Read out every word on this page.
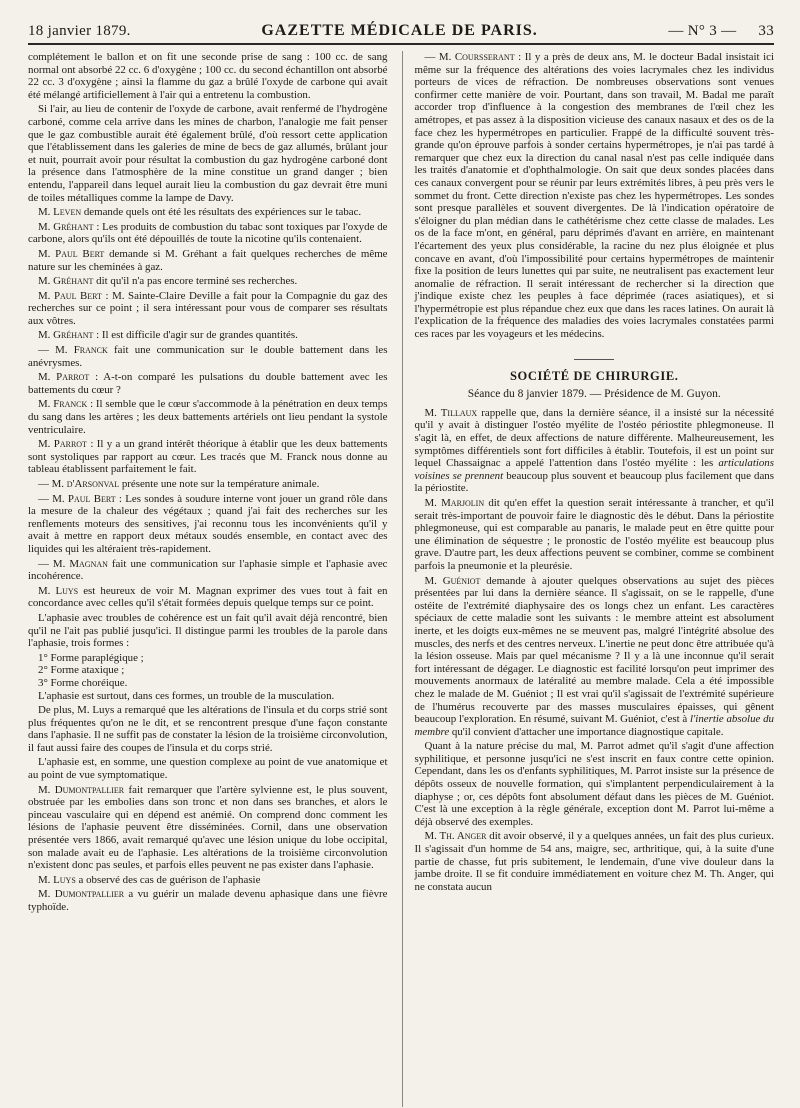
18 janvier 1879.	GAZETTE MÉDICALE DE PARIS.	— N° 3 — 33

complétement le ballon et on fit une seconde prise de sang : 100 cc. de sang normal ont absorbé 22 cc. 6 d'oxygène ; 100 cc. du second échantillon ont absorbé 22 cc. 3 d'oxygène ; ainsi la flamme du gaz a brûlé l'oxyde de carbone qui avait été mélangé artificiellement à l'air qui a entretenu la combustion.

Si l'air, au lieu de contenir de l'oxyde de carbone, avait renfermé de l'hydrogène carboné, comme cela arrive dans les mines de charbon, l'analogie me fait penser que le gaz combustible aurait été également brûlé, d'où ressort cette application que l'établissement dans les galeries de mine de becs de gaz allumés, brûlant jour et nuit, pourrait avoir pour résultat la combustion du gaz hydrogène carboné dont la présence dans l'atmosphère de la mine constitue un grand danger ; bien entendu, l'appareil dans lequel aurait lieu la combustion du gaz devrait être muni de toiles métalliques comme la lampe de Davy.

M. Leven demande quels ont été les résultats des expériences sur le tabac.

M. Gréhant : Les produits de combustion du tabac sont toxiques par l'oxyde de carbone, alors qu'ils ont été dépouillés de toute la nicotine qu'ils contenaient.

M. Paul Bert demande si M. Gréhant a fait quelques recherches de même nature sur les cheminées à gaz.

M. Gréhant dit qu'il n'a pas encore terminé ses recherches.

M. Paul Bert : M. Sainte-Claire Deville a fait pour la Compagnie du gaz des recherches sur ce point ; il sera intéressant pour vous de comparer ses résultats aux vôtres.

M. Gréhant : Il est difficile d'agir sur de grandes quantités.

— M. Franck fait une communication sur le double battement dans les anévrysmes.

M. Parrot : A-t-on comparé les pulsations du double battement avec les battements du cœur ?

M. Franck : Il semble que le cœur s'accommode à la pénétration en deux temps du sang dans les artères ; les deux battements artériels ont lieu pendant la systole ventriculaire.

M. Parrot : Il y a un grand intérêt théorique à établir que les deux battements sont systoliques par rapport au cœur. Les tracés que M. Franck nous donne au tableau établissent parfaitement le fait.

— M. d'Arsonval présente une note sur la température animale.

— M. Paul Bert : Les sondes à soudure interne vont jouer un grand rôle dans la mesure de la chaleur des végétaux ; quand j'ai fait des recherches sur les renflements moteurs des sensitives, j'ai reconnu tous les inconvénients qu'il y avait à mettre en rapport deux métaux soudés ensemble, en contact avec des liquides qui les altéraient très-rapidement.

— M. Magnan fait une communication sur l'aphasie simple et l'aphasie avec incohérence.

M. Luys est heureux de voir M. Magnan exprimer des vues tout à fait en concordance avec celles qu'il s'était formées depuis quelque temps sur ce point.

L'aphasie avec troubles de cohérence est un fait qu'il avait déjà rencontré, bien qu'il ne l'ait pas publié jusqu'ici. Il distingue parmi les troubles de la parole dans l'aphasie, trois formes :

1° Forme paraplégique ;

2° Forme ataxique ;

3° Forme choréique.

L'aphasie est surtout, dans ces formes, un trouble de la musculation.

De plus, M. Luys a remarqué que les altérations de l'insula et du corps strié sont plus fréquentes qu'on ne le dit, et se rencontrent presque d'une façon constante dans l'aphasie. Il ne suffit pas de constater la lésion de la troisième circonvolution, il faut aussi faire des coupes de l'insula et du corps strié.

L'aphasie est, en somme, une question complexe au point de vue anatomique et au point de vue symptomatique.

M. Dumontpallier fait remarquer que l'artère sylvienne est, le plus souvent, obstruée par les embolies dans son tronc et non dans ses branches, et alors le pinceau vasculaire qui en dépend est anémié. On comprend donc comment les lésions de l'aphasie peuvent être disséminées. Cornil, dans une observation présentée vers 1866, avait remarqué qu'avec une lésion unique du lobe occipital, son malade avait eu de l'aphasie. Les altérations de la troisième circonvolution n'existent donc pas seules, et parfois elles peuvent ne pas exister dans l'aphasie.

M. Luys a observé des cas de guérison de l'aphasie

M. Dumontpallier a vu guérir un malade devenu aphasique dans une fièvre typhoïde.

— M. Coursserant : Il y a près de deux ans, M. le docteur Badal insistait ici même sur la fréquence des altérations des voies lacrymales chez les individus porteurs de vices de réfraction. De nombreuses observations sont venues confirmer cette manière de voir. Pourtant, dans son travail, M. Badal me paraît accorder trop d'influence à la congestion des membranes de l'œil chez les amétropes, et pas assez à la disposition vicieuse des canaux nasaux et des os de la face chez les hypermétropes en particulier. Frappé de la difficulté souvent très-grande qu'on éprouve parfois à sonder certains hypermétropes, je n'ai pas tardé à remarquer que chez eux la direction du canal nasal n'est pas celle indiquée dans les traités d'anatomie et d'ophthalmologie. On sait que deux sondes placées dans ces canaux convergent pour se réunir par leurs extrémités libres, à peu près vers le sommet du front. Cette direction n'existe pas chez les hypermétropes. Les sondes sont presque parallèles et souvent divergentes. De là l'indication opératoire de s'éloigner du plan médian dans le cathétérisme chez cette classe de malades. Les os de la face m'ont, en général, paru déprimés d'avant en arrière, en maintenant l'écartement des yeux plus considérable, la racine du nez plus éloignée et plus concave en avant, d'où l'impossibilité pour certains hypermétropes de maintenir fixe la position de leurs lunettes qui par suite, ne neutralisent pas exactement leur anomalie de réfraction. Il serait intéressant de rechercher si la direction que j'indique existe chez les peuples à face déprimée (races asiatiques), et si l'hypermétropie est plus répandue chez eux que dans les races latines. On aurait là l'explication de la fréquence des maladies des voies lacrymales constatées parmi ces races par les voyageurs et les médecins.

SOCIÉTÉ DE CHIRURGIE.
Séance du 8 janvier 1879. — Présidence de M. Guyon.

M. Tillaux rappelle que, dans la dernière séance, il a insisté sur la nécessité qu'il y avait à distinguer l'ostéo myélite de l'ostéo périostite phlegmoneuse. Il s'agit là, en effet, de deux affections de nature différente. Malheureusement, les symptômes différentiels sont fort difficiles à établir. Toutefois, il est un point sur lequel Chassaignac a appelé l'attention dans l'ostéo myélite : les articulations voisines se prennent beaucoup plus souvent et beaucoup plus facilement que dans la périostite.

M. Marjolin dit qu'en effet la question serait intéressante à trancher, et qu'il serait très-important de pouvoir faire le diagnostic dès le début. Dans la périostite phlegmoneuse, qui est comparable au panaris, le malade peut en être quitte pour une élimination de séquestre ; le pronostic de l'ostéo myélite est beaucoup plus grave. D'autre part, les deux affections peuvent se combiner, comme se combinent parfois la pneumonie et la pleurésie.

M. Guéniot demande à ajouter quelques observations au sujet des pièces présentées par lui dans la dernière séance. Il s'agissait, on se le rappelle, d'une ostéite de l'extrémité diaphysaire des os longs chez un enfant. Les caractères spéciaux de cette maladie sont les suivants : le membre atteint est absolument inerte, et les doigts eux-mêmes ne se meuvent pas, malgré l'intégrité absolue des muscles, des nerfs et des centres nerveux. L'inertie ne peut donc être attribuée qu'à la lésion osseuse. Mais par quel mécanisme ? Il y a là une inconnue qu'il serait fort intéressant de dégager. Le diagnostic est facilité lorsqu'on peut imprimer des mouvements anormaux de latéralité au membre malade. Cela a été impossible chez le malade de M. Guéniot ; Il est vrai qu'il s'agissait de l'extrémité supérieure de l'humérus recouverte par des masses musculaires épaisses, qui gênent beaucoup l'exploration. En résumé, suivant M. Guéniot, c'est à l'inertie absolue du membre qu'il convient d'attacher une importance diagnostique capitale.

Quant à la nature précise du mal, M. Parrot admet qu'il s'agit d'une affection syphilitique, et personne jusqu'ici ne s'est inscrit en faux contre cette opinion. Cependant, dans les os d'enfants syphilitiques, M. Parrot insiste sur la présence de dépôts osseux de nouvelle formation, qui s'implantent perpendiculairement à la diaphyse ; or, ces dépôts font absolument défaut dans les pièces de M. Guéniot. C'est là une exception à la règle générale, exception dont M. Parrot lui-même a déjà observé des exemples.

M. Th. Anger dit avoir observé, il y a quelques années, un fait des plus curieux. Il s'agissait d'un homme de 54 ans, maigre, sec, arthritique, qui, à la suite d'une partie de chasse, fut pris subitement, le lendemain, d'une vive douleur dans la jambe droite. Il se fit conduire immédiatement en voiture chez M. Th. Anger, qui ne constata aucun
